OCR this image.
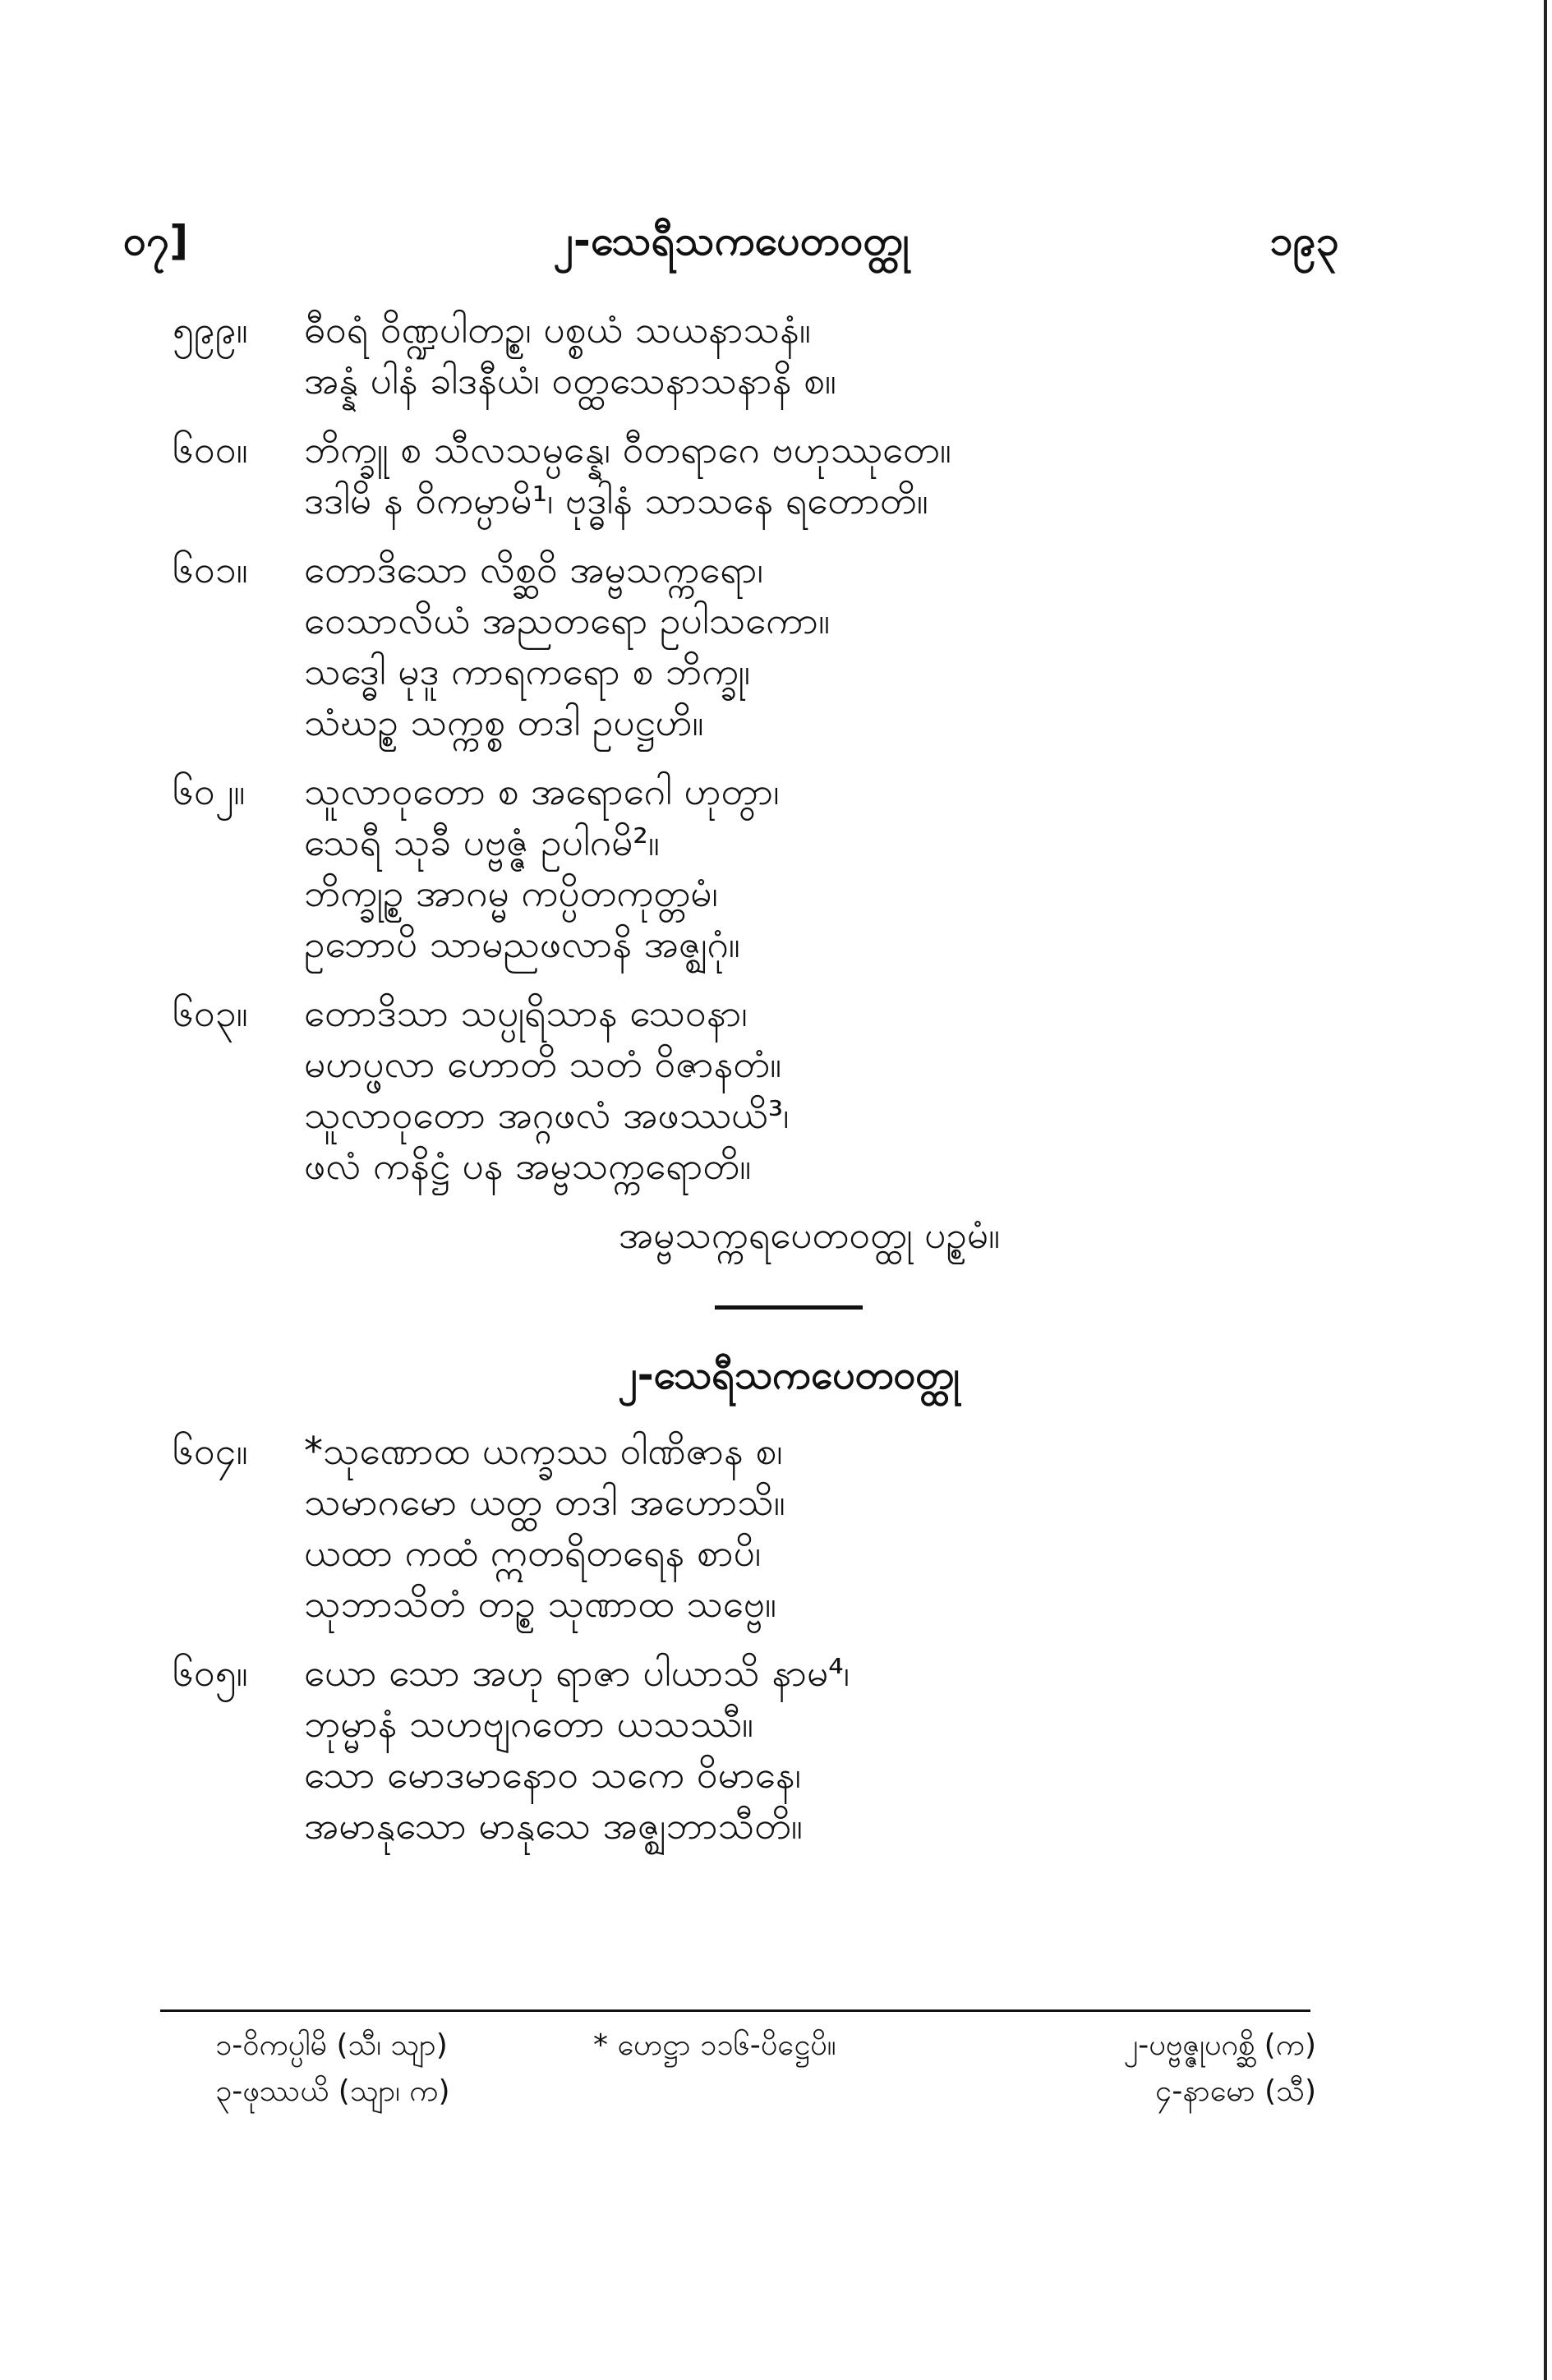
၀၇]	၂-သေရီသကပေတဝတ္ထု	၁၉၃
၅၉၉။ ဓီဝရံ ဝိဏ္ဍပါတဉ္စ၊ ပစ္စယံ သယနာသနံ။
အန္နံ ပါနံ ခါဒနီယံ၊ ဝတ္ထသေနာသနာနိ စ။
၆၀၀။ ဘိက္ခူ စ သီလသမ္ပန္နေ၊ ဝီတရာဂေ ဗဟုဿုတေ။
ဒဒါမိ န ဝိကမ္ပာမိ¹၊ ဗုဒ္ဓါနံ သာသနေ ရတောတိ။
၆၀၁။ တောဒိသော လိစ္ဆဝိ အမ္ဗသက္ကရော၊
ဝေသာလိယံ အညတရော ဥပါသကော။
သဒ္ဓေါ မုဒူ ကာရကရော စ ဘိက္ခု၊
သံဃဉ္စ သက္ကစ္စ တဒါ ဥပဋ္ဌဟိ။
၆၀၂။ သူလာဝုတော စ အရောဂေါ ဟုတွာ၊
သေရီ သုခီ ပဗ္ဗဇ္ဇံ ဥပါဂမိ²။
ဘိက္ခုဉ္စ အာဂမ္မ ကပ္ပိတကုတ္တမံ၊
ဥဘောပိ သာမညဖလာနိ အဇ္ဈဂုံ။
၆၀၃။ တောဒိသာ သပ္ပုရိသာန သေဝနာ၊
မဟပ္ဖလာ ဟောတိ သတံ ဝိဇာနတံ။
သူလာဝုတော အဂ္ဂဖလံ အဖဿယိ³၊
ဖလံ ကနိဋ္ဌံ ပန အမ္ဗသက္ကရောတိ။
အမ္ဗသက္ကရပေတဝတ္ထု ပဉ္စမံ။
၂-သေရီသကပေတဝတ္ထု
၆၀၄။ *သုဏောထ ယက္ခဿ ဝါဏိဇာန စ၊
သမာဂမော ယတ္ထ တဒါ အဟောသိ။
ယထာ ကထံ ဣတရိတရေန စာပိ၊
သုဘာသိတံ တဉ္စ သုဏာထ သဗ္ဗေ။
၆၀၅။ ယော သော အဟု ရာဇာ ပါယာသိ နာမ⁴၊
ဘုမ္မာနံ သဟဗျဂတော ယသဿီ။
သော မောဒမာနောဝ သကေ ဝိမာနေ၊
အမာနုသော မာနုသေ အဇ္ဈဘာသီတိ။
၁-ဝိကပ္ပါမိ (သီ၊ သျာ)	* ဟေဋ္ဌာ ၁၁၆-ပိဋ္ဌေပိ။	၂-ပဗ္ဗဇ္ဇုပဂစ္ဆိ (က)
၃-ဖုဿယိ (သျာ၊ က)	၄-နာမော (သီ)
